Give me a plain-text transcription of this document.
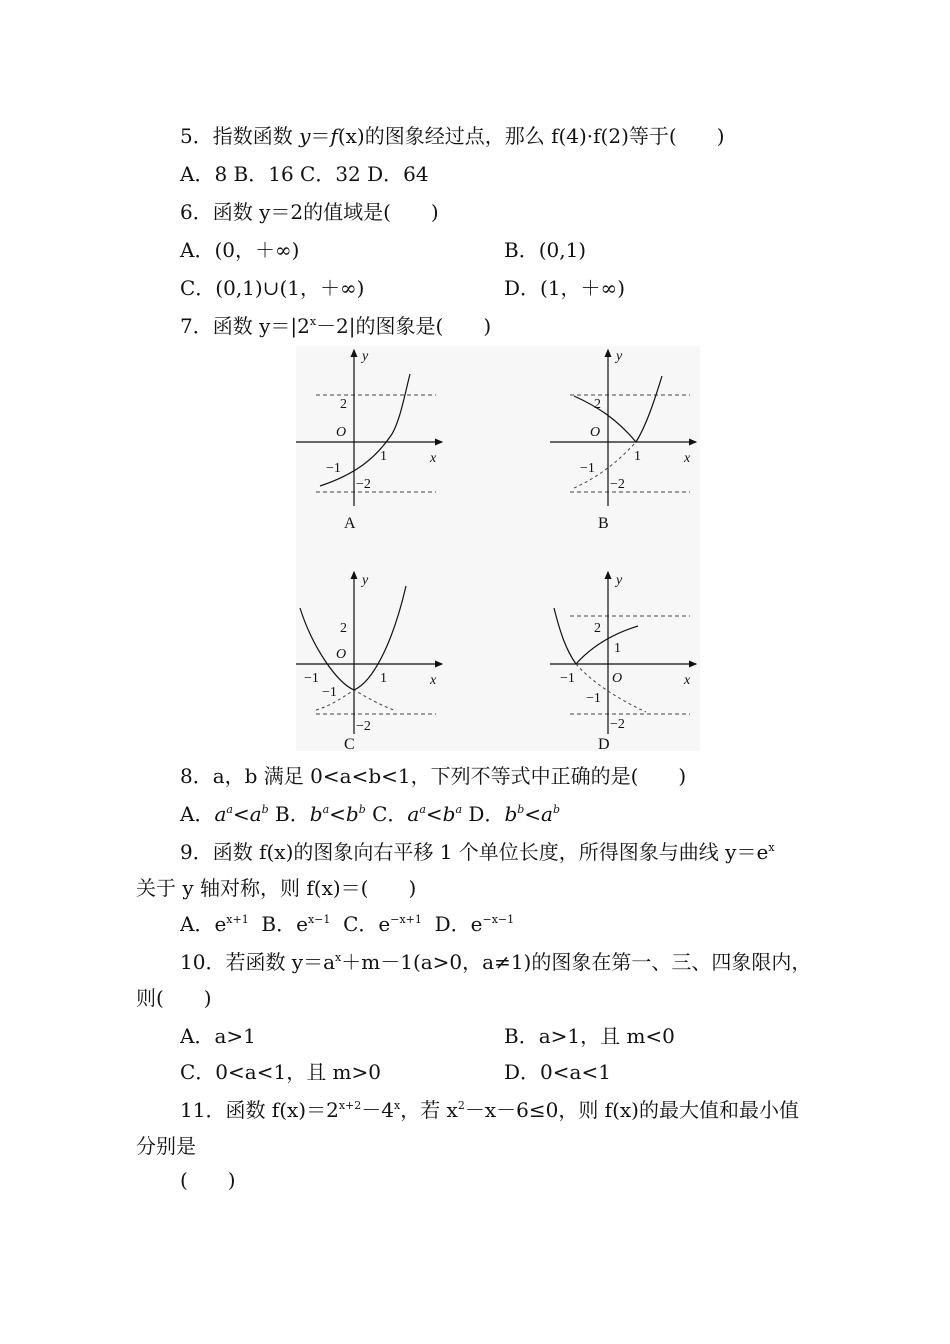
5．指数函数 y＝f(x)的图象经过点，那么 f(4)·f(2)等于(　　)
A．8 B．16 C．32 D．64
6．函数 y＝2的值域是(　　)
A．(0，＋∞)	B．(0,1)
C．(0,1)∪(1，＋∞)	D．(1，＋∞)
7．函数 $y=|2^x-2|$的图象是(　　)
y
x
O
2
−1
1
−2
A
y
x
O
2
−1
1
−2
B
y
x
O
2
−1	1
−1
−2
C
y
x
O
2
1
−1
−1
−2
D
8．a，b 满足 0<a<b<1，下列不等式中正确的是(　　)
A．$a^a<a^b$ B．$b^a<b^b$ C．$a^a<b^a$ D．$b^b<a^b$
9．函数 f(x)的图象向右平移 1 个单位长度，所得图象与曲线 $y=e^x$
关于 y 轴对称，则 f(x)＝(　　)
A．$e^{x+1}$ B．$e^{x-1}$ C．$e^{-x+1}$ D．$e^{-x-1}$
10．若函数 $y=a^x+m-1(a>0$，a≠1)的图象在第一、三、四象限内，
则(　　)
A．a>1	B．a>1，且 m<0
C．0<a<1，且 m>0	D．0<a<1
11．函数 $f(x)=2^{x+2}-4^x$，若 $x^2-x-6\le 0$，则 f(x)的最大值和最小值
分别是
(　　)
